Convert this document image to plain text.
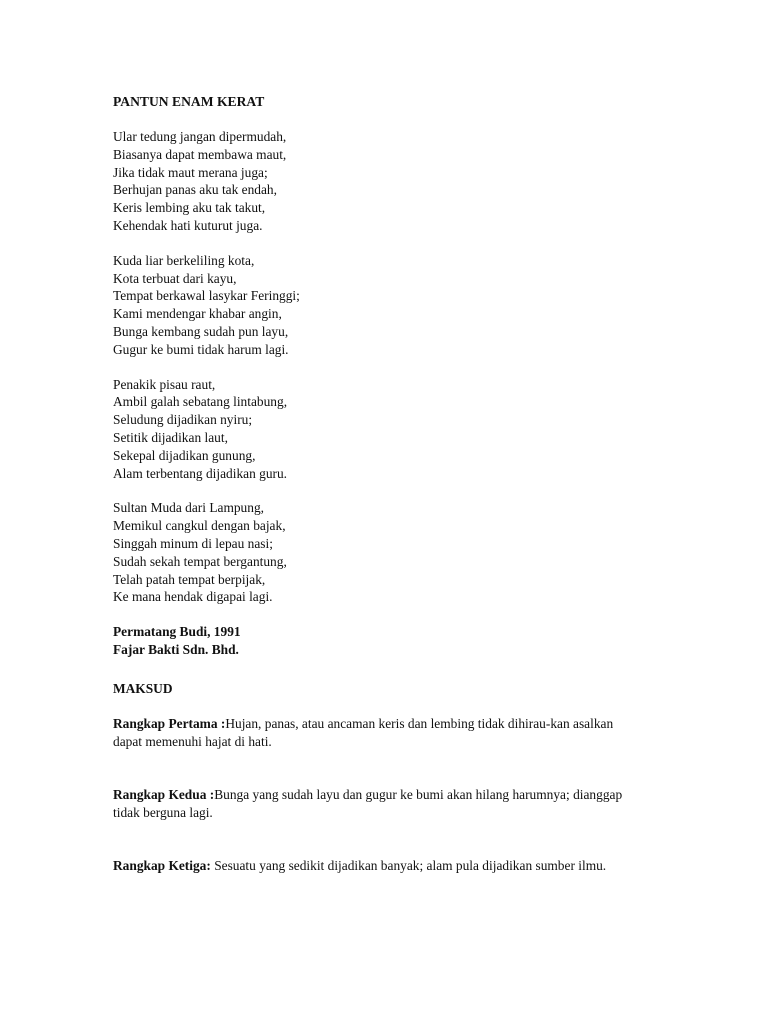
PANTUN ENAM KERAT
Ular tedung jangan dipermudah,
Biasanya dapat membawa maut,
Jika tidak maut merana juga;
Berhujan panas aku tak endah,
Keris lembing aku tak takut,
Kehendak hati kuturut juga.
Kuda liar berkeliling kota,
Kota terbuat dari kayu,
Tempat berkawal lasykar Feringgi;
Kami mendengar khabar angin,
Bunga kembang sudah pun layu,
Gugur ke bumi tidak harum lagi.
Penakik pisau raut,
Ambil galah sebatang lintabung,
Seludung dijadikan nyiru;
Setitik dijadikan laut,
Sekepal dijadikan gunung,
Alam terbentang dijadikan guru.
Sultan Muda dari Lampung,
Memikul cangkul dengan bajak,
Singgah minum di lepau nasi;
Sudah sekah tempat bergantung,
Telah patah tempat berpijak,
Ke mana hendak digapai lagi.
Permatang Budi, 1991
Fajar Bakti Sdn. Bhd.
MAKSUD
Rangkap Pertama :Hujan, panas, atau ancaman keris dan lembing tidak dihirau-kan asalkan dapat memenuhi hajat di hati.
Rangkap Kedua :Bunga yang sudah layu dan gugur ke bumi akan hilang harumnya; dianggap tidak berguna lagi.
Rangkap Ketiga: Sesuatu yang sedikit dijadikan banyak; alam pula dijadikan sumber ilmu.
